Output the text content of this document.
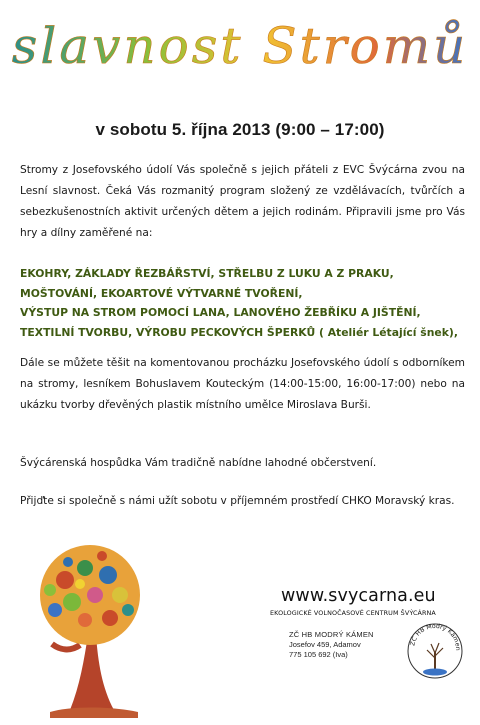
slavnost Stromů
v sobotu 5. října 2013 (9:00 – 17:00)
Stromy z Josefovského údolí Vás společně s jejich přáteli z EVC Švýcárna zvou na Lesní slavnost. Čeká Vás rozmanitý program složený ze vzdělávacích, tvůrčích a sebezkušenostních aktivit určených dětem a jejich rodinám. Připravili jsme pro Vás hry a dílny zaměřené na:
EKOHRY, ZÁKLADY ŘEZBÁŘSTVÍ, STŘELBU Z LUKU A Z PRAKU,
MOŠTOVÁNÍ, EKOARTOVÉ VÝTVARNÉ TVOŘENÍ,
VÝSTUP NA STROM POMOCÍ LANA, LANOVÉHO ŽEBŘÍKU A JIŠTĚNÍ,
TEXTILNÍ TVORBU, VÝROBU PECKOVÝCH ŠPERKŮ ( Ateliér Létající šnek),
Dále se můžete těšit na komentovanou procházku Josefovského údolí s odborníkem na stromy, lesníkem Bohuslavem Kouteckým (14:00-15:00, 16:00-17:00) nebo na ukázku tvorby dřevěných plastik místního umělce Miroslava Burši.
Švýcárenská hospůdka Vám tradičně nabídne lahodné občerstvení.
Přijďte si společně s námi užít sobotu v příjemném prostředí CHKO Moravský kras.
www.svycarna.eu
EKOLOGICKÉ VOLNOČASOVÉ CENTRUM ŠVÝCÁRNA
ZČ HB MODRÝ KÁMEN
Josefov 459, Adamov
775 105 692 (Iva)
ZČ HB Modrý Kámen
